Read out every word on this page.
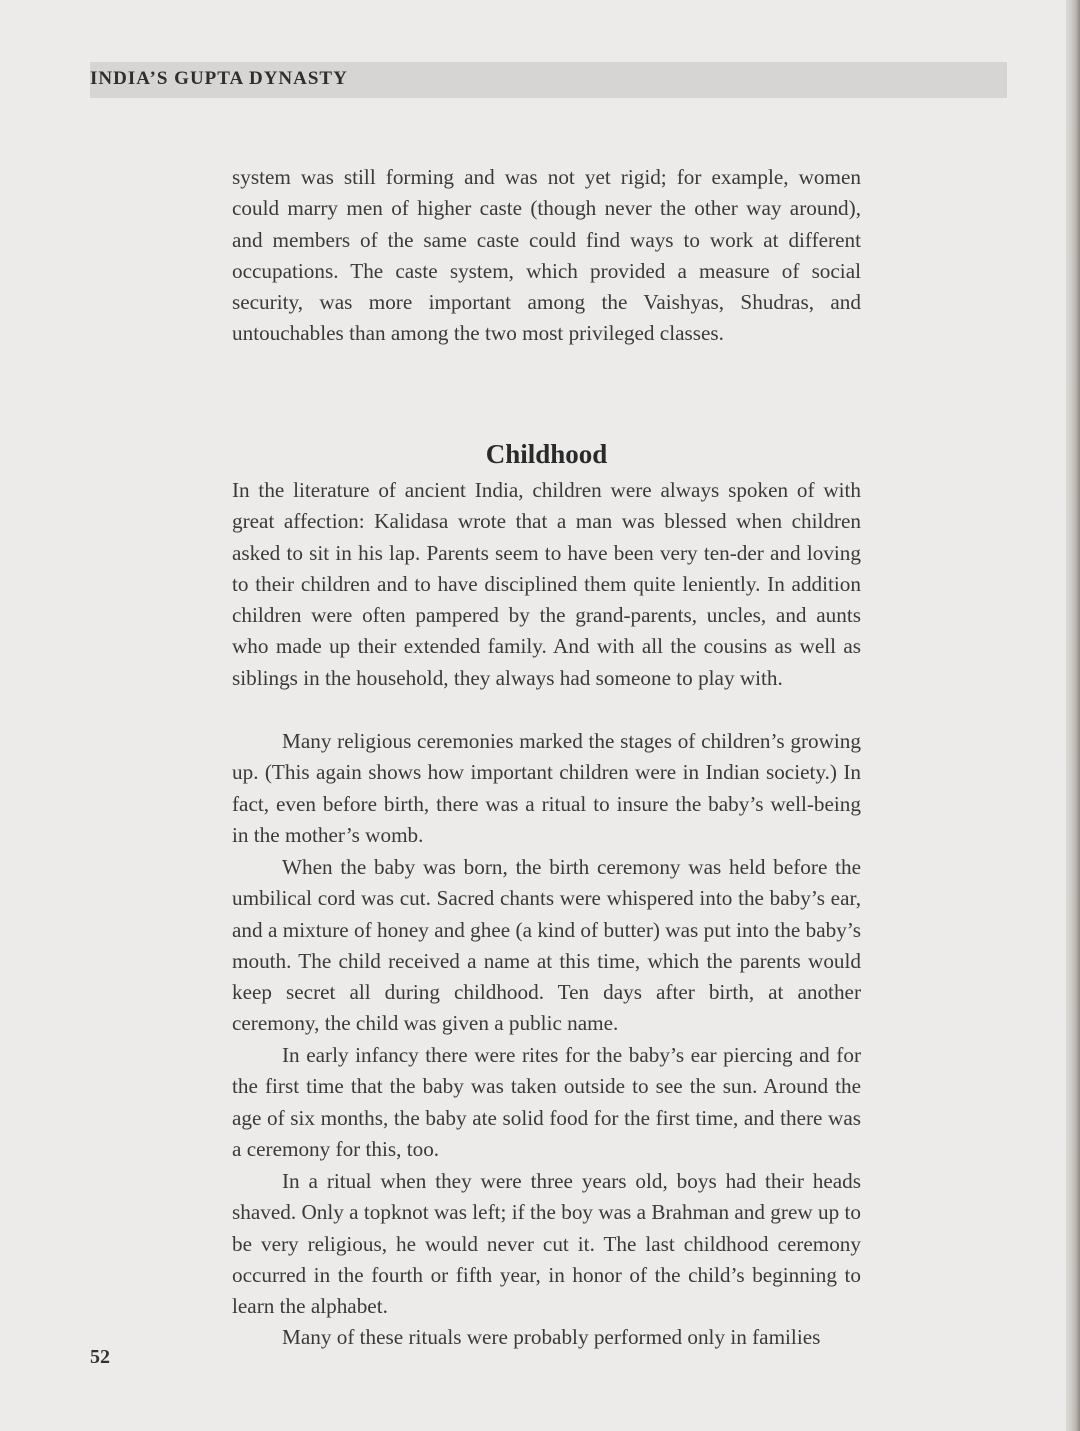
INDIA’S GUPTA DYNASTY

system was still forming and was not yet rigid; for example, women could marry men of higher caste (though never the other way around), and members of the same caste could find ways to work at different occupations. The caste system, which provided a measure of social security, was more important among the Vaishyas, Shudras, and untouchables than among the two most privileged classes.

Childhood

In the literature of ancient India, children were always spoken of with great affection: Kalidasa wrote that a man was blessed when children asked to sit in his lap. Parents seem to have been very ten-der and loving to their children and to have disciplined them quite leniently. In addition children were often pampered by the grand-parents, uncles, and aunts who made up their extended family. And with all the cousins as well as siblings in the household, they always had someone to play with.

Many religious ceremonies marked the stages of children’s growing up. (This again shows how important children were in Indian society.) In fact, even before birth, there was a ritual to insure the baby’s well-being in the mother’s womb.

When the baby was born, the birth ceremony was held before the umbilical cord was cut. Sacred chants were whispered into the baby’s ear, and a mixture of honey and ghee (a kind of butter) was put into the baby’s mouth. The child received a name at this time, which the parents would keep secret all during childhood. Ten days after birth, at another ceremony, the child was given a public name.

In early infancy there were rites for the baby’s ear piercing and for the first time that the baby was taken outside to see the sun. Around the age of six months, the baby ate solid food for the first time, and there was a ceremony for this, too.

In a ritual when they were three years old, boys had their heads shaved. Only a topknot was left; if the boy was a Brahman and grew up to be very religious, he would never cut it. The last childhood ceremony occurred in the fourth or fifth year, in honor of the child’s beginning to learn the alphabet.

Many of these rituals were probably performed only in families

52
